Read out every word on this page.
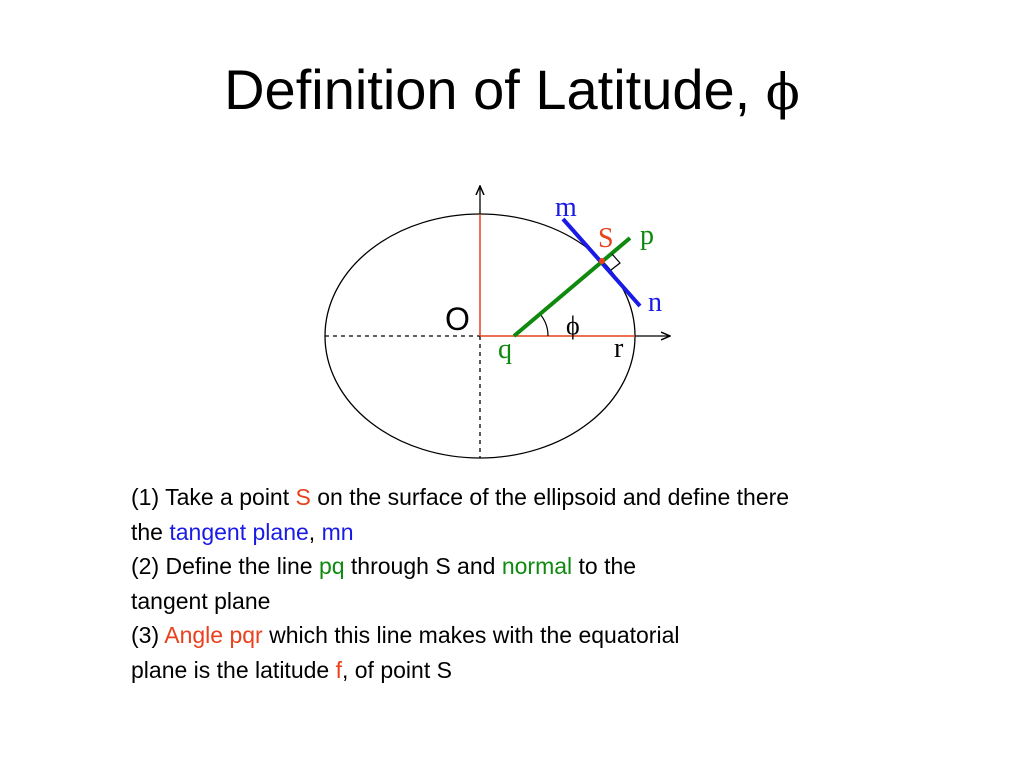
Definition of Latitude, ϕ
m
S p
n
O	ϕ
q	r
(1) Take a point S on the surface of the ellipsoid and define there
the tangent plane, mn
(2) Define the line pq through S and normal to the
tangent plane
(3) Angle pqr which this line makes with the equatorial
plane is the latitude f, of point S
